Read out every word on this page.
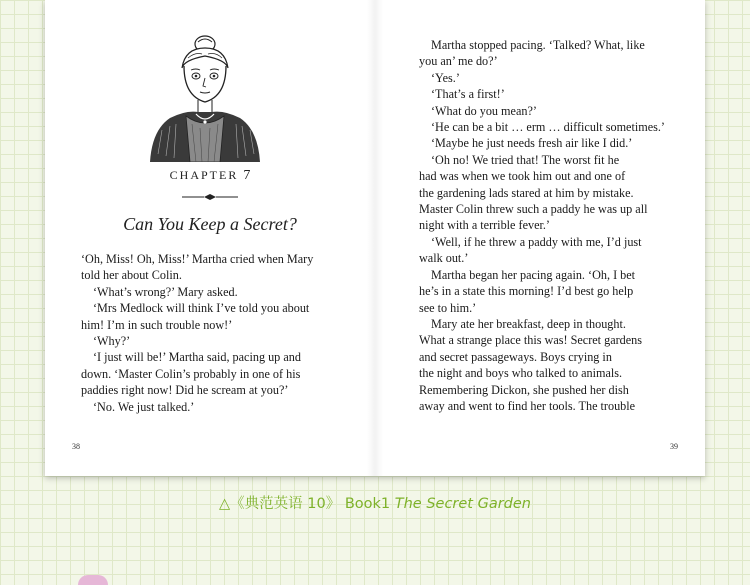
CHAPTER 7
Can You Keep a Secret?
‘Oh, Miss! Oh, Miss!’ Martha cried when Mary
told her about Colin.
‘What’s wrong?’ Mary asked.
‘Mrs Medlock will think I’ve told you about
him! I’m in such trouble now!’
‘Why?’
‘I just will be!’ Martha said, pacing up and
down. ‘Master Colin’s probably in one of his
paddies right now! Did he scream at you?’
‘No. We just talked.’
38
Martha stopped pacing. ‘Talked? What, like
you an’ me do?’
‘Yes.’
‘That’s a first!’
‘What do you mean?’
‘He can be a bit … erm … difficult sometimes.’
‘Maybe he just needs fresh air like I did.’
‘Oh no! We tried that! The worst fit he
had was when we took him out and one of
the gardening lads stared at him by mistake.
Master Colin threw such a paddy he was up all
night with a terrible fever.’
‘Well, if he threw a paddy with me, I’d just
walk out.’
Martha began her pacing again. ‘Oh, I bet
he’s in a state this morning! I’d best go help
see to him.’
Mary ate her breakfast, deep in thought.
What a strange place this was! Secret gardens
and secret passageways. Boys crying in
the night and boys who talked to animals.
Remembering Dickon, she pushed her dish
away and went to find her tools. The trouble
39
△《典范英语 10》 Book1 The Secret Garden
